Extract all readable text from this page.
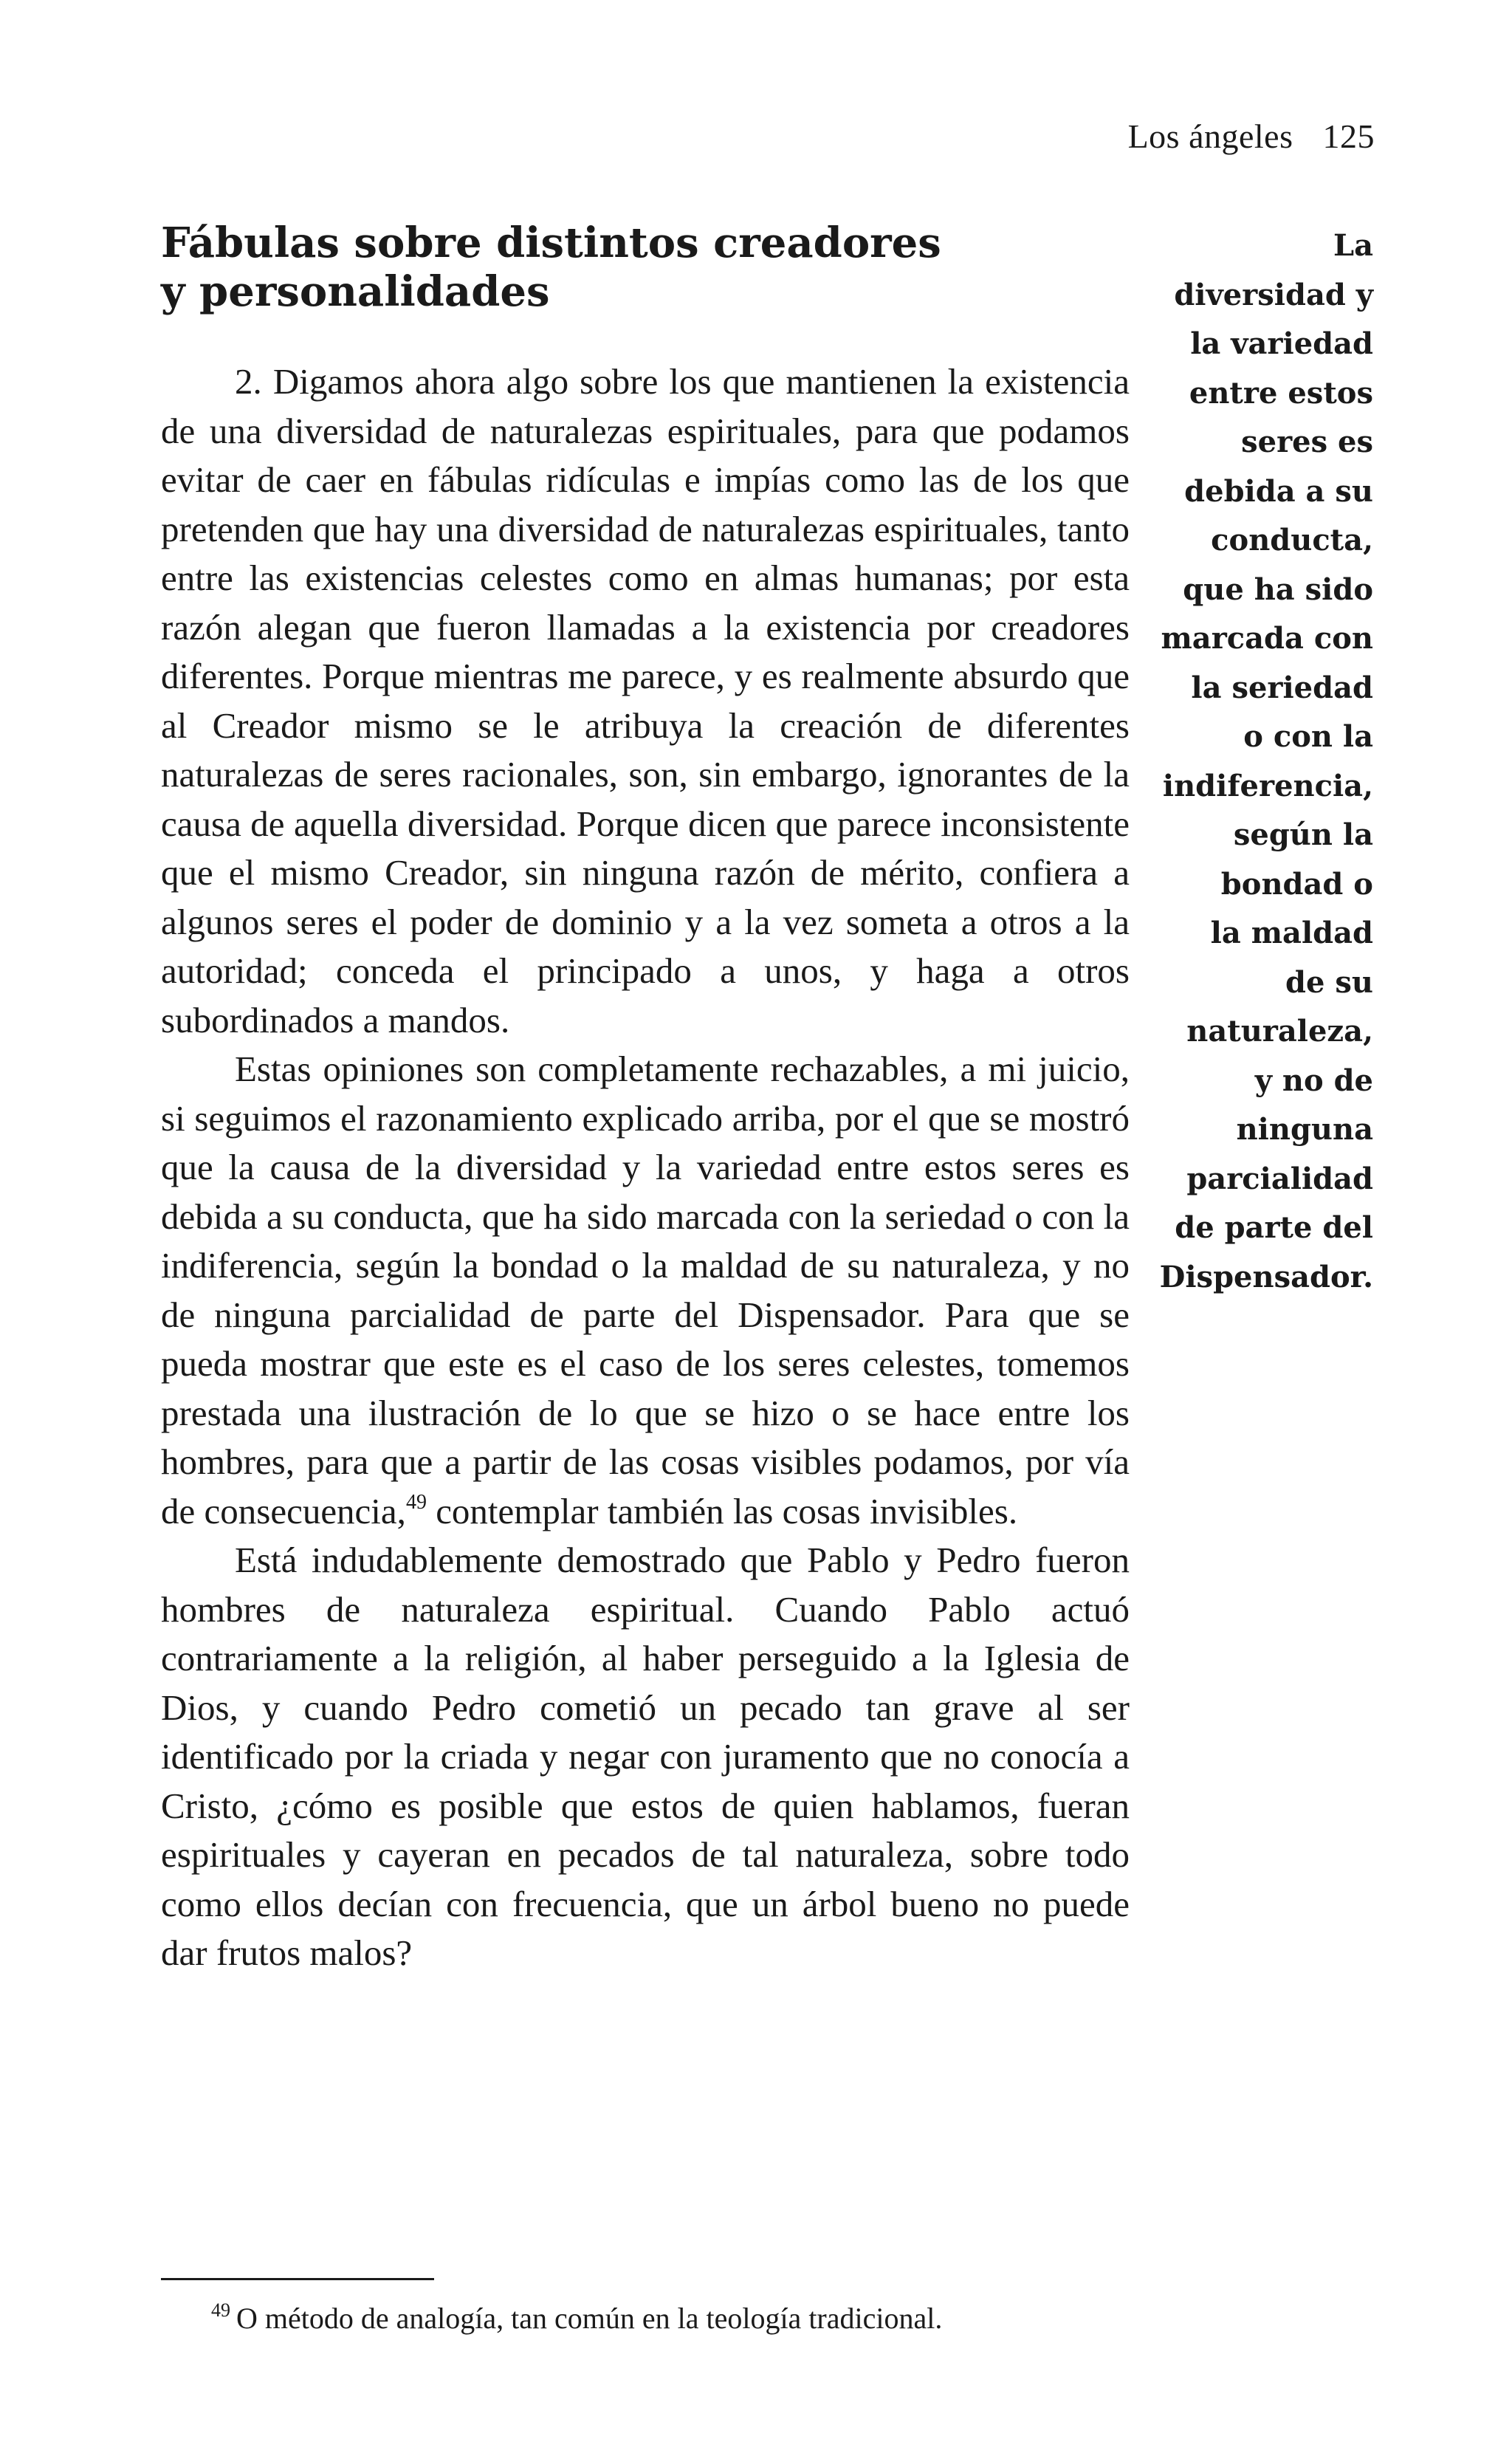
Los ángeles 125
Fábulas sobre distintos creadores
y personalidades

2. Digamos ahora algo sobre los que mantienen la existencia de una diversidad de naturalezas espirituales, para que podamos evitar de caer en fábulas ridículas e impías como las de los que pretenden que hay una diversidad de naturalezas espirituales, tanto entre las existencias celestes como en almas humanas; por esta razón alegan que fueron llamadas a la existencia por creadores diferentes. Porque mientras me parece, y es realmente absurdo que al Creador mismo se le atribuya la creación de diferentes naturalezas de seres racionales, son, sin embargo, ignorantes de la causa de aquella diversidad. Porque dicen que parece inconsistente que el mismo Creador, sin ninguna razón de mérito, confiera a algunos seres el poder de dominio y a la vez someta a otros a la autoridad; conceda el principado a unos, y haga a otros subordinados a mandos.

Estas opiniones son completamente rechazables, a mi juicio, si seguimos el razonamiento explicado arriba, por el que se mostró que la causa de la diversidad y la variedad entre estos seres es debida a su conducta, que ha sido marcada con la seriedad o con la indiferencia, según la bondad o la maldad de su naturaleza, y no de ninguna parcialidad de parte del Dispensador. Para que se pueda mostrar que este es el caso de los seres celestes, tomemos prestada una ilustración de lo que se hizo o se hace entre los hombres, para que a partir de las cosas visibles podamos, por vía de consecuencia,$^{49}$ contemplar también las cosas invisibles.

Está indudablemente demostrado que Pablo y Pedro fueron hombres de naturaleza espiritual. Cuando Pablo actuó contrariamente a la religión, al haber perseguido a la Iglesia de Dios, y cuando Pedro cometió un pecado tan grave al ser identificado por la criada y negar con juramento que no conocía a Cristo, ¿cómo es posible que estos de quien hablamos, fueran espirituales y cayeran en pecados de tal naturaleza, sobre todo como ellos decían con frecuencia, que un árbol bueno no puede dar frutos malos?

La
diversidad y
la variedad
entre estos
seres es
debida a su
conducta,
que ha sido
marcada con
la seriedad
o con la
indiferencia,
según la
bondad o
la maldad
de su
naturaleza,
y no de
ninguna
parcialidad
de parte del
Dispensador.
$^{49}$ O método de analogía, tan común en la teología tradicional.
